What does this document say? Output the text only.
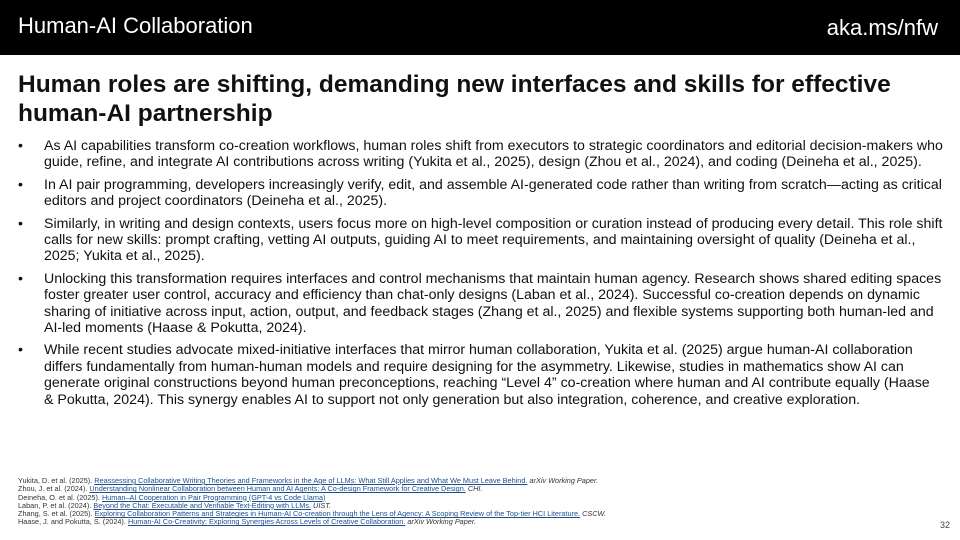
Human-AI Collaboration	aka.ms/nfw
Human roles are shifting, demanding new interfaces and skills for effective human-AI partnership
• As AI capabilities transform co-creation workflows, human roles shift from executors to strategic coordinators and editorial decision-makers who guide, refine, and integrate AI contributions across writing (Yukita et al., 2025), design (Zhou et al., 2024), and coding (Deineha et al., 2025).
• In AI pair programming, developers increasingly verify, edit, and assemble AI-generated code rather than writing from scratch—acting as critical editors and project coordinators (Deineha et al., 2025).
• Similarly, in writing and design contexts, users focus more on high-level composition or curation instead of producing every detail. This role shift calls for new skills: prompt crafting, vetting AI outputs, guiding AI to meet requirements, and maintaining oversight of quality (Deineha et al., 2025; Yukita et al., 2025).
• Unlocking this transformation requires interfaces and control mechanisms that maintain human agency. Research shows shared editing spaces foster greater user control, accuracy and efficiency than chat-only designs (Laban et al., 2024). Successful co-creation depends on dynamic sharing of initiative across input, action, output, and feedback stages (Zhang et al., 2025) and flexible systems supporting both human-led and AI-led moments (Haase & Pokutta, 2024).
• While recent studies advocate mixed-initiative interfaces that mirror human collaboration, Yukita et al. (2025) argue human-AI collaboration differs fundamentally from human-human models and require designing for the asymmetry. Likewise, studies in mathematics show AI can generate original constructions beyond human preconceptions, reaching “Level 4” co-creation where human and AI contribute equally (Haase & Pokutta, 2024). This synergy enables AI to support not only generation but also integration, coherence, and creative exploration.
Yukita, D. et al. (2025). Reassessing Collaborative Writing Theories and Frameworks in the Age of LLMs: What Still Applies and What We Must Leave Behind. arXiv Working Paper.
Zhou, J. et al. (2024). Understanding Nonlinear Collaboration between Human and AI Agents: A Co-design Framework for Creative Design. CHI.
Deineha, O. et al. (2025). Human–AI Cooperation in Pair Programming (GPT-4 vs Code Llama)
Laban, P. et al. (2024). Beyond the Chat: Executable and Verifiable Text-Editing with LLMs. UIST.
Zhang, S. et al. (2025). Exploring Collaboration Patterns and Strategies in Human-AI Co-creation through the Lens of Agency: A Scoping Review of the Top-tier HCI Literature. CSCW.
Haase, J. and Pokutta, S. (2024). Human-AI Co-Creativity: Exploring Synergies Across Levels of Creative Collaboration. arXiv Working Paper.	32
